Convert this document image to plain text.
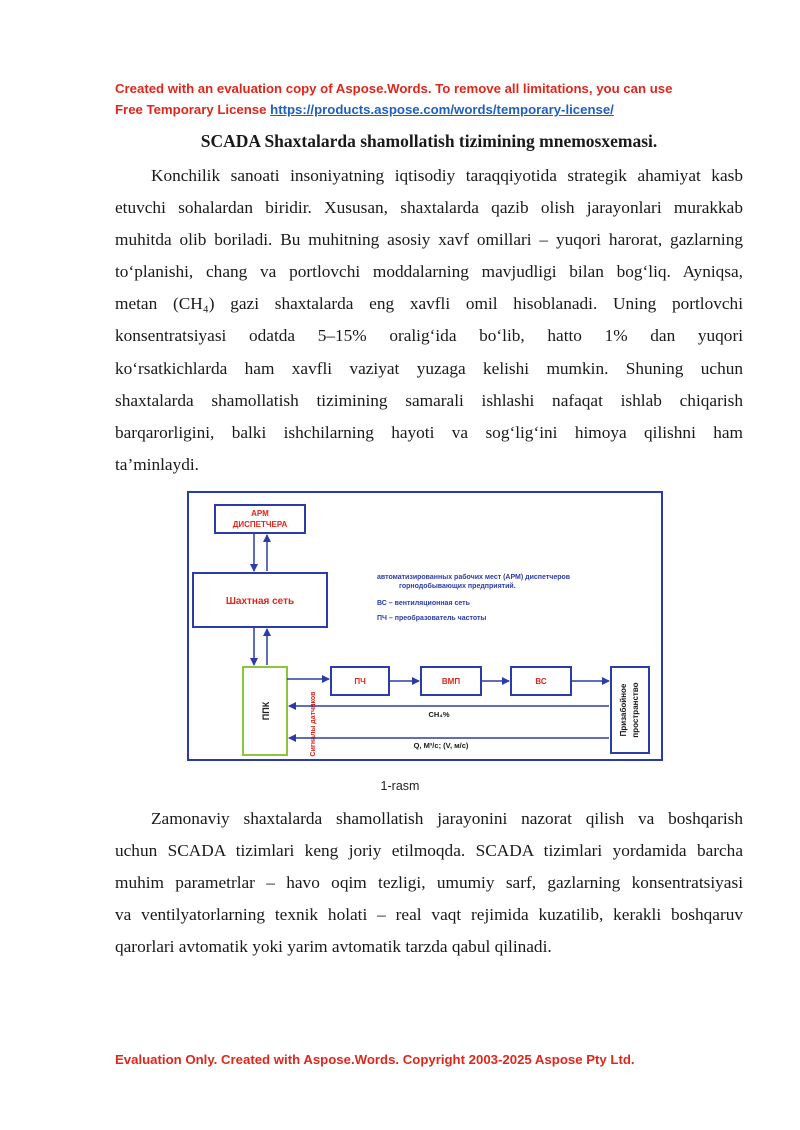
Created with an evaluation copy of Aspose.Words. To remove all limitations, you can use
Free Temporary License https://products.aspose.com/words/temporary-license/
SCADA Shaxtalarda shamollatish tizimining mnemosxemasi.
Konchilik sanoati insoniyatning iqtisodiy taraqqiyotida strategik ahamiyat kasb
etuvchi sohalardan biridir. Xususan, shaxtalarda qazib olish jarayonlari murakkab
muhitda olib boriladi. Bu muhitning asosiy xavf omillari – yuqori harorat, gazlarning
to‘planishi, chang va portlovchi moddalarning mavjudligi bilan bog‘liq. Ayniqsa,
metan (CH₄) gazi shaxtalarda eng xavfli omil hisoblanadi. Uning portlovchi
konsentratsiyasi odatda 5–15% oralig‘ida bo‘lib, hatto 1% dan yuqori
ko‘rsatkichlarda ham xavfli vaziyat yuzaga kelishi mumkin. Shuning uchun
shaxtalarda shamollatish tizimining samarali ishlashi nafaqat ishlab chiqarish
barqarorligini, balki ishchilarning hayoti va sog‘lig‘ini himoya qilishni ham
ta’minlaydi.
АРМ
ДИСПЕТЧЕРА
Шахтная сеть
автоматизированных рабочих мест (АРМ) диспетчеров
горнодобывающих предприятий.
ВС – вентиляционная сеть
ПЧ – преобразователь частоты
ППК	Сигналы датчиков
ПЧ	ВМП	ВС
Призабойное пространство
CH₄%
Q, М³/с; (V, м/с)
1-rasm
Zamonaviy shaxtalarda shamollatish jarayonini nazorat qilish va boshqarish
uchun SCADA tizimlari keng joriy etilmoqda. SCADA tizimlari yordamida barcha
muhim parametrlar – havo oqim tezligi, umumiy sarf, gazlarning konsentratsiyasi
va ventilyatorlarning texnik holati – real vaqt rejimida kuzatilib, kerakli boshqaruv
qarorlari avtomatik yoki yarim avtomatik tarzda qabul qilinadi.
Evaluation Only. Created with Aspose.Words. Copyright 2003-2025 Aspose Pty Ltd.
